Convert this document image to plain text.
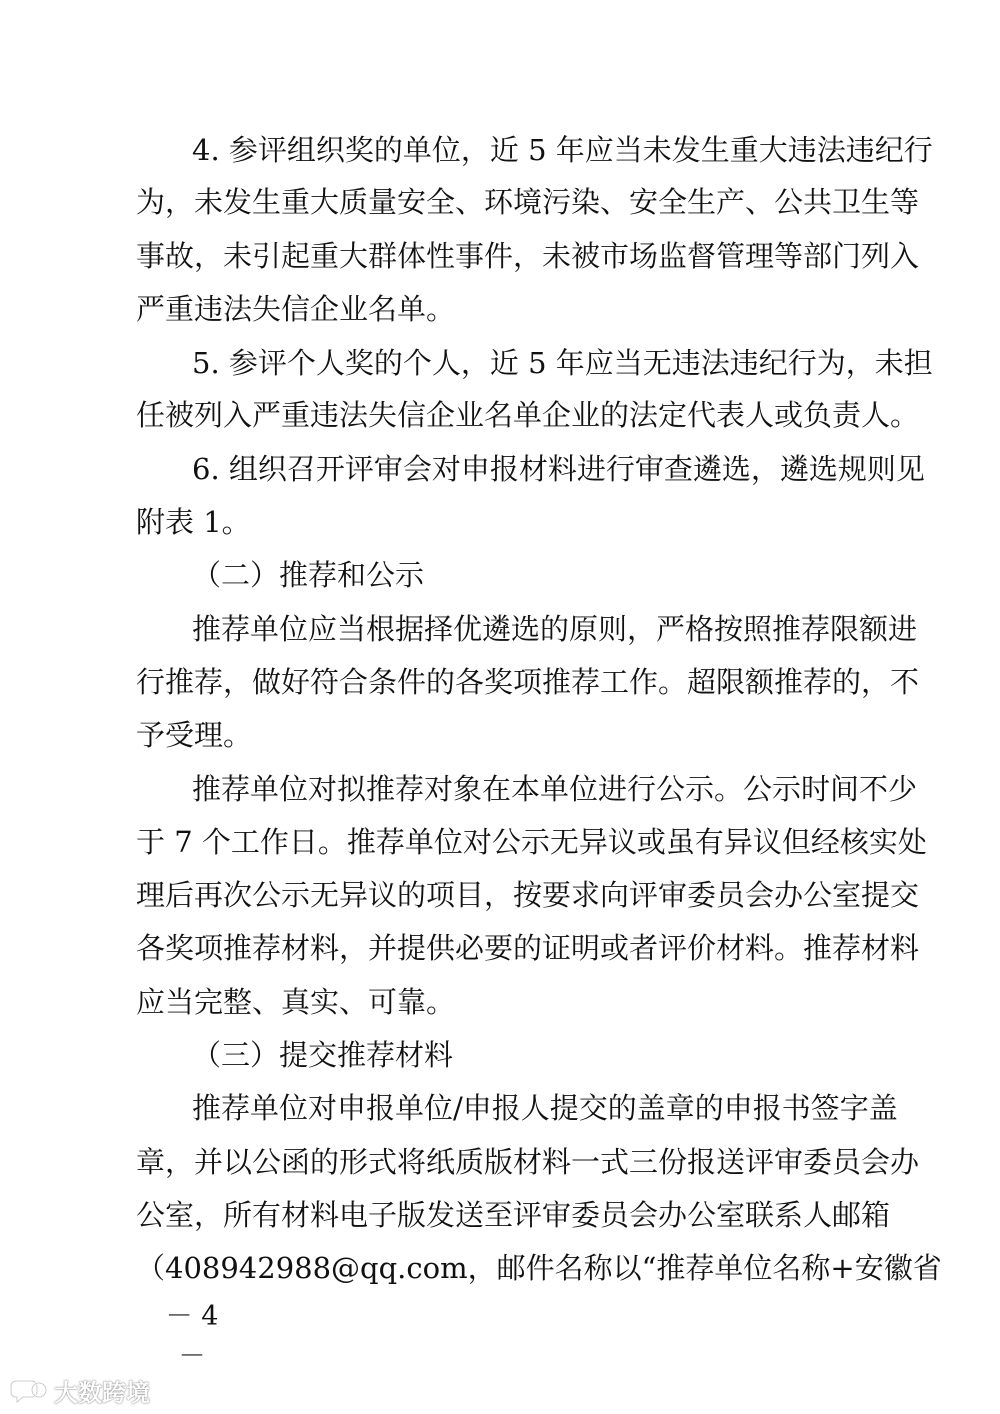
4. 参评组织奖的单位，近 5 年应当未发生重大违法违纪行
为，未发生重大质量安全、环境污染、安全生产、公共卫生等
事故，未引起重大群体性事件，未被市场监督管理等部门列入
严重违法失信企业名单。
5. 参评个人奖的个人，近 5 年应当无违法违纪行为，未担
任被列入严重违法失信企业名单企业的法定代表人或负责人。
6. 组织召开评审会对申报材料进行审查遴选，遴选规则见
附表 1。
（二）推荐和公示
推荐单位应当根据择优遴选的原则，严格按照推荐限额进
行推荐，做好符合条件的各奖项推荐工作。超限额推荐的，不
予受理。
推荐单位对拟推荐对象在本单位进行公示。公示时间不少
于 7 个工作日。推荐单位对公示无异议或虽有异议但经核实处
理后再次公示无异议的项目，按要求向评审委员会办公室提交
各奖项推荐材料，并提供必要的证明或者评价材料。推荐材料
应当完整、真实、可靠。
（三）提交推荐材料
推荐单位对申报单位/申报人提交的盖章的申报书签字盖
章，并以公函的形式将纸质版材料一式三份报送评审委员会办
公室，所有材料电子版发送至评审委员会办公室联系人邮箱
（408942988@qq.com，邮件名称以“推荐单位名称+安徽省
－ 4 －
大数跨境
